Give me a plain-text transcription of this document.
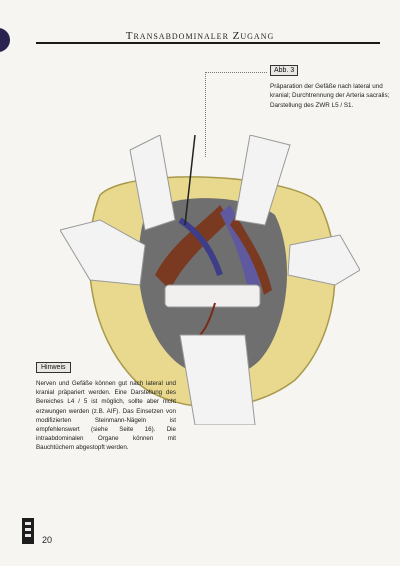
Transabdominaler Zugang
Abb. 3
Präparation der Gefäße nach lateral und kranial; Durchtrennung der Arteria sacralis; Darstellung des ZWR L5 / S1.
Hinweis
Nerven und Gefäße können gut nach lateral und kranial präpariert werden. Eine Darstellung des Bereiches L4 / 5 ist möglich, sollte aber nicht erzwungen werden (z.B. AIF). Das Einsetzen von modifizierten Steinmann-Nägeln ist empfehlenswert (siehe Seite 16). Die intraabdominalen Organe können mit Bauchtüchern abgestopft werden.
20
